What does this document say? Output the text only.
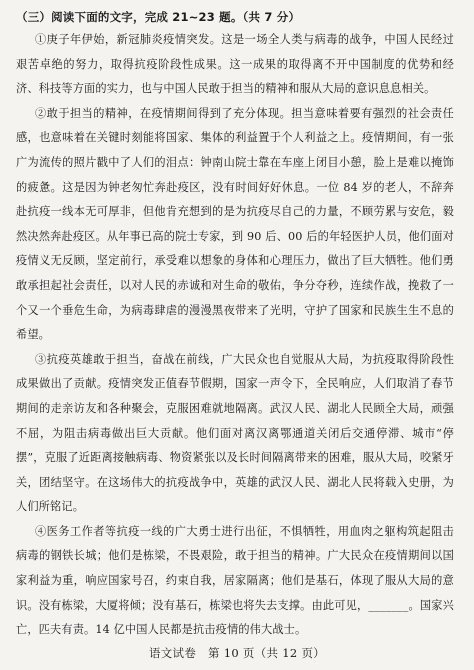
（三）阅读下面的文字，完成 21~23 题。（共 7 分）

①庚子年伊始，新冠肺炎疫情突发。这是一场全人类与病毒的战争，中国人民经过艰苦卓绝的努力，取得抗疫阶段性成果。这一成果的取得离不开中国制度的优势和经济、科技等方面的实力，也与中国人民敢于担当的精神和服从大局的意识息息相关。

②敢于担当的精神，在疫情期间得到了充分体现。担当意味着要有强烈的社会责任感，也意味着在关键时刻能将国家、集体的利益置于个人利益之上。疫情期间，有一张广为流传的照片戳中了人们的泪点：钟南山院士靠在车座上闭目小憩，脸上是难以掩饰的疲惫。这是因为钟老匆忙奔赴疫区，没有时间好好休息。一位 84 岁的老人，不辞奔赴抗疫一线本无可厚非，但他肯充想到的是为抗疫尽自己的力量，不顾劳累与安危，毅然决然奔赴疫区。从年事已高的院士专家，到 90 后、00 后的年轻医护人员，他们面对疫情义无反顾，坚定前行，承受难以想象的身体和心理压力，做出了巨大牺牲。他们勇敢承担起社会责任，以对人民的赤诚和对生命的敬佑，争分夺秒，连续作战，挽救了一个又一个垂危生命，为病毒肆虐的漫漫黑夜带来了光明，守护了国家和民族生生不息的希望。

③抗疫英雄敢于担当，奋战在前线，广大民众也自觉服从大局，为抗疫取得阶段性成果做出了贡献。疫情突发正值春节假期，国家一声令下，全民响应，人们取消了春节期间的走亲访友和各种聚会，克服困难就地隔离。武汉人民、湖北人民顾全大局，顽强不屈，为阻击病毒做出巨大贡献。他们面对离汉离鄂通道关闭后交通停滞、城市“停摆”，克服了近距离接触病毒、物资紧张以及长时间隔离带来的困难，服从大局，咬紧牙关，团结坚守。在这场伟大的抗疫战争中，英雄的武汉人民、湖北人民将载入史册，为人们所铭记。

④医务工作者等抗疫一线的广大勇士进行出征，不惧牺牲，用血肉之躯构筑起阻击病毒的钢铁长城；他们是栋梁，不畏艰险，敢于担当的精神。广大民众在疫情期间以国家利益为重，响应国家号召，约束自我，居家隔离；他们是基石，体现了服从大局的意识。没有栋梁，大厦将倾；没有基石，栋梁也将失去支撑。由此可见，_______。国家兴亡，匹夫有责。14 亿中国人民都是抗击疫情的伟大战士。

语文试卷　第 10 页（共 12 页）
